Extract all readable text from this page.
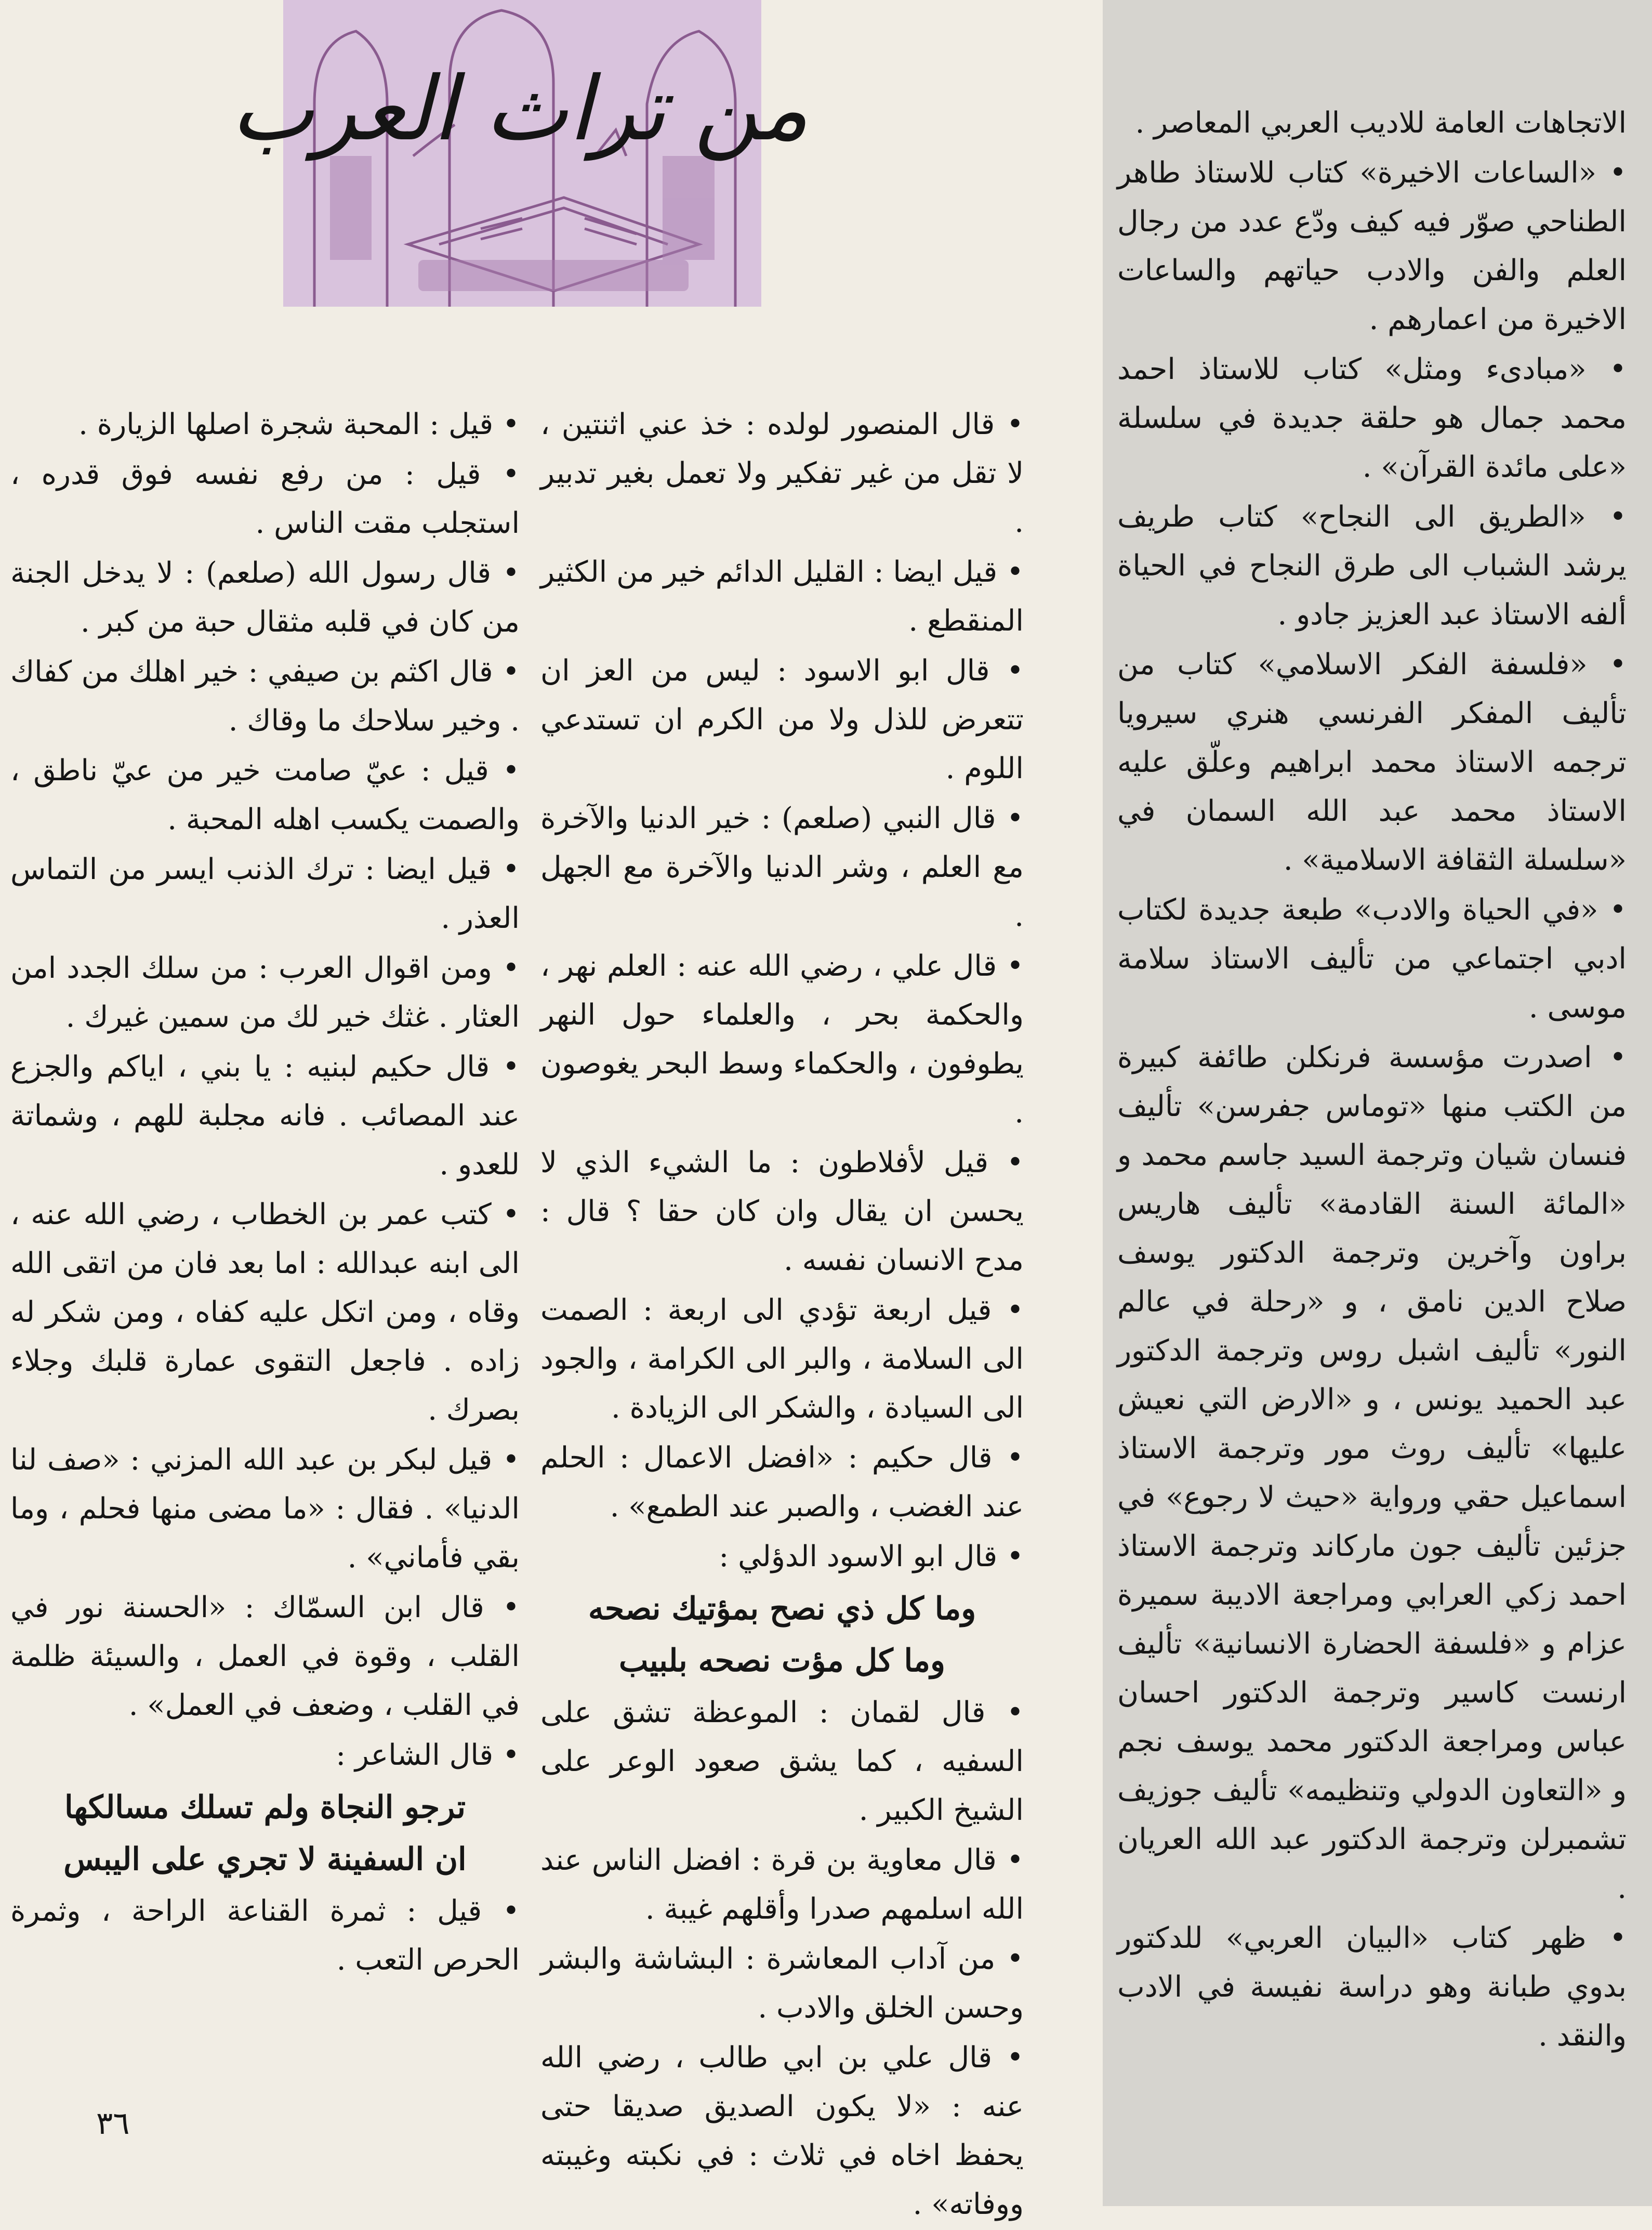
من تراث العرب	الاتجاهات العامة للاديب العربي المعاصر .

• «الساعات الاخيرة» كتاب للاستاذ طاهر الطناحي صوّر فيه كيف ودّع عدد من رجال العلم والفن والادب حياتهم والساعات الاخيرة من اعمارهم .

• «مبادىء ومثل» كتاب للاستاذ احمد محمد جمال هو حلقة جديدة في سلسلة «على مائدة القرآن» .

• «الطريق الى النجاح» كتاب طريف يرشد الشباب الى طرق النجاح في الحياة ألفه الاستاذ عبد العزيز جادو .

• «فلسفة الفكر الاسلامي» كتاب من تأليف المفكر الفرنسي هنري سيرويا ترجمه الاستاذ محمد ابراهيم وعلّق عليه الاستاذ محمد عبد الله السمان في «سلسلة الثقافة الاسلامية» .

• «في الحياة والادب» طبعة جديدة لكتاب ادبي اجتماعي من تأليف الاستاذ سلامة موسى .

• اصدرت مؤسسة فرنكلن طائفة كبيرة من الكتب منها «توماس جفرسن» تأليف فنسان شيان وترجمة السيد جاسم محمد و «المائة السنة القادمة» تأليف هاريس براون وآخرين وترجمة الدكتور يوسف صلاح الدين نامق ، و «رحلة في عالم النور» تأليف اشبل روس وترجمة الدكتور عبد الحميد يونس ، و «الارض التي نعيش عليها» تأليف روث مور وترجمة الاستاذ اسماعيل حقي ورواية «حيث لا رجوع» في جزئين تأليف جون ماركاند وترجمة الاستاذ احمد زكي العرابي ومراجعة الاديبة سميرة عزام و «فلسفة الحضارة الانسانية» تأليف ارنست كاسير وترجمة الدكتور احسان عباس ومراجعة الدكتور محمد يوسف نجم و «التعاون الدولي وتنظيمه» تأليف جوزيف تشمبرلن وترجمة الدكتور عبد الله العريان .

• ظهر كتاب «البيان العربي» للدكتور بدوي طبانة وهو دراسة نفيسة في الادب والنقد .

• قال المنصور لولده : خذ عني اثنتين ، لا تقل من غير تفكير ولا تعمل بغير تدبير .

• قيل ايضا : القليل الدائم خير من الكثير المنقطع .

• قال ابو الاسود : ليس من العز ان تتعرض للذل ولا من الكرم ان تستدعي اللوم .

• قال النبي (صلعم) : خير الدنيا والآخرة مع العلم ، وشر الدنيا والآخرة مع الجهل .

• قال علي ، رضي الله عنه : العلم نهر ، والحكمة بحر ، والعلماء حول النهر يطوفون ، والحكماء وسط البحر يغوصون .

• قيل لأفلاطون : ما الشيء الذي لا يحسن ان يقال وان كان حقا ؟ قال : مدح الانسان نفسه .

• قيل اربعة تؤدي الى اربعة : الصمت الى السلامة ، والبر الى الكرامة ، والجود الى السيادة ، والشكر الى الزيادة .

• قال حكيم : «افضل الاعمال : الحلم عند الغضب ، والصبر عند الطمع» .

• قال ابو الاسود الدؤلي :

وما كل ذي نصح بمؤتيك نصحه

وما كل مؤت نصحه بلبيب

• قال لقمان : الموعظة تشق على السفيه ، كما يشق صعود الوعر على الشيخ الكبير .

• قال معاوية بن قرة : افضل الناس عند الله اسلمهم صدرا وأقلهم غيبة .

• من آداب المعاشرة : البشاشة والبشر وحسن الخلق والادب .

• قال علي بن ابي طالب ، رضي الله عنه : «لا يكون الصديق صديقا حتى يحفظ اخاه في ثلاث : في نكبته وغيبته ووفاته» .

• قيل : المحبة شجرة اصلها الزيارة .

• قيل : من رفع نفسه فوق قدره ، استجلب مقت الناس .

• قال رسول الله (صلعم) : لا يدخل الجنة من كان في قلبه مثقال حبة من كبر .

• قال اكثم بن صيفي : خير اهلك من كفاك . وخير سلاحك ما وقاك .

• قيل : عيّ صامت خير من عيّ ناطق ، والصمت يكسب اهله المحبة .

• قيل ايضا : ترك الذنب ايسر من التماس العذر .

• ومن اقوال العرب : من سلك الجدد امن العثار . غثك خير لك من سمين غيرك .

• قال حكيم لبنيه : يا بني ، اياكم والجزع عند المصائب . فانه مجلبة للهم ، وشماتة للعدو .

• كتب عمر بن الخطاب ، رضي الله عنه ، الى ابنه عبدالله : اما بعد فان من اتقى الله وقاه ، ومن اتكل عليه كفاه ، ومن شكر له زاده . فاجعل التقوى عمارة قلبك وجلاء بصرك .

• قيل لبكر بن عبد الله المزني : «صف لنا الدنيا» . فقال : «ما مضى منها فحلم ، وما بقي فأماني» .

• قال ابن السمّاك : «الحسنة نور في القلب ، وقوة في العمل ، والسيئة ظلمة في القلب ، وضعف في العمل» .

• قال الشاعر :

ترجو النجاة ولم تسلك مسالكها

ان السفينة لا تجري على اليبس

• قيل : ثمرة القناعة الراحة ، وثمرة الحرص التعب .

٣٦
